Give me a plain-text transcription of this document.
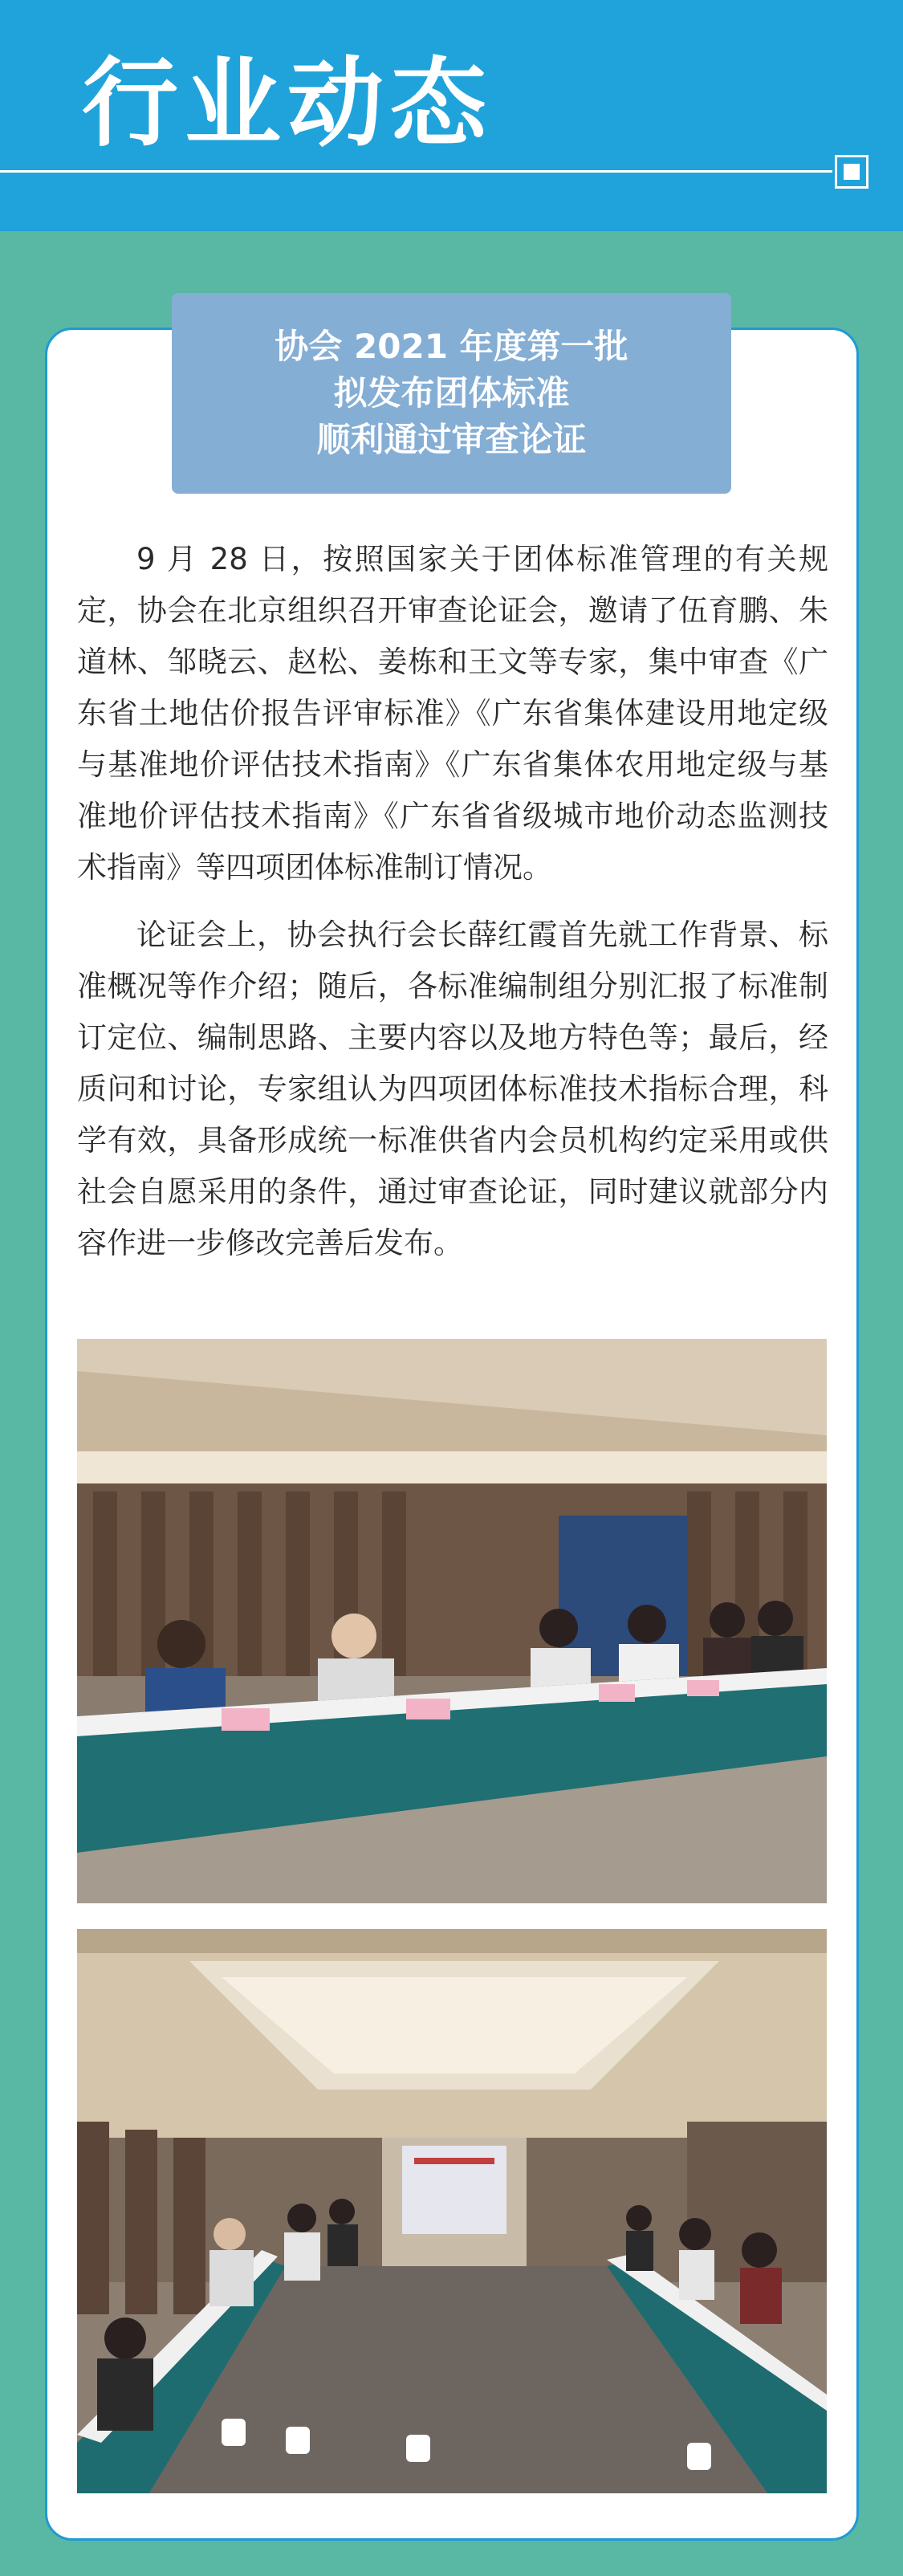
行业动态
协会 2021 年度第一批
拟发布团体标准
顺利通过审查论证

9 月 28 日，按照国家关于团体标准管理的有关规定，协会在北京组织召开审查论证会，邀请了伍育鹏、朱道林、邹晓云、赵松、姜栋和王文等专家，集中审查《广东省土地估价报告评审标准》《广东省集体建设用地定级与基准地价评估技术指南》《广东省集体农用地定级与基准地价评估技术指南》《广东省省级城市地价动态监测技术指南》等四项团体标准制订情况。

论证会上，协会执行会长薛红霞首先就工作背景、标准概况等作介绍；随后，各标准编制组分别汇报了标准制订定位、编制思路、主要内容以及地方特色等；最后，经质问和讨论，专家组认为四项团体标准技术指标合理，科学有效，具备形成统一标准供省内会员机构约定采用或供社会自愿采用的条件，通过审查论证，同时建议就部分内容作进一步修改完善后发布。
